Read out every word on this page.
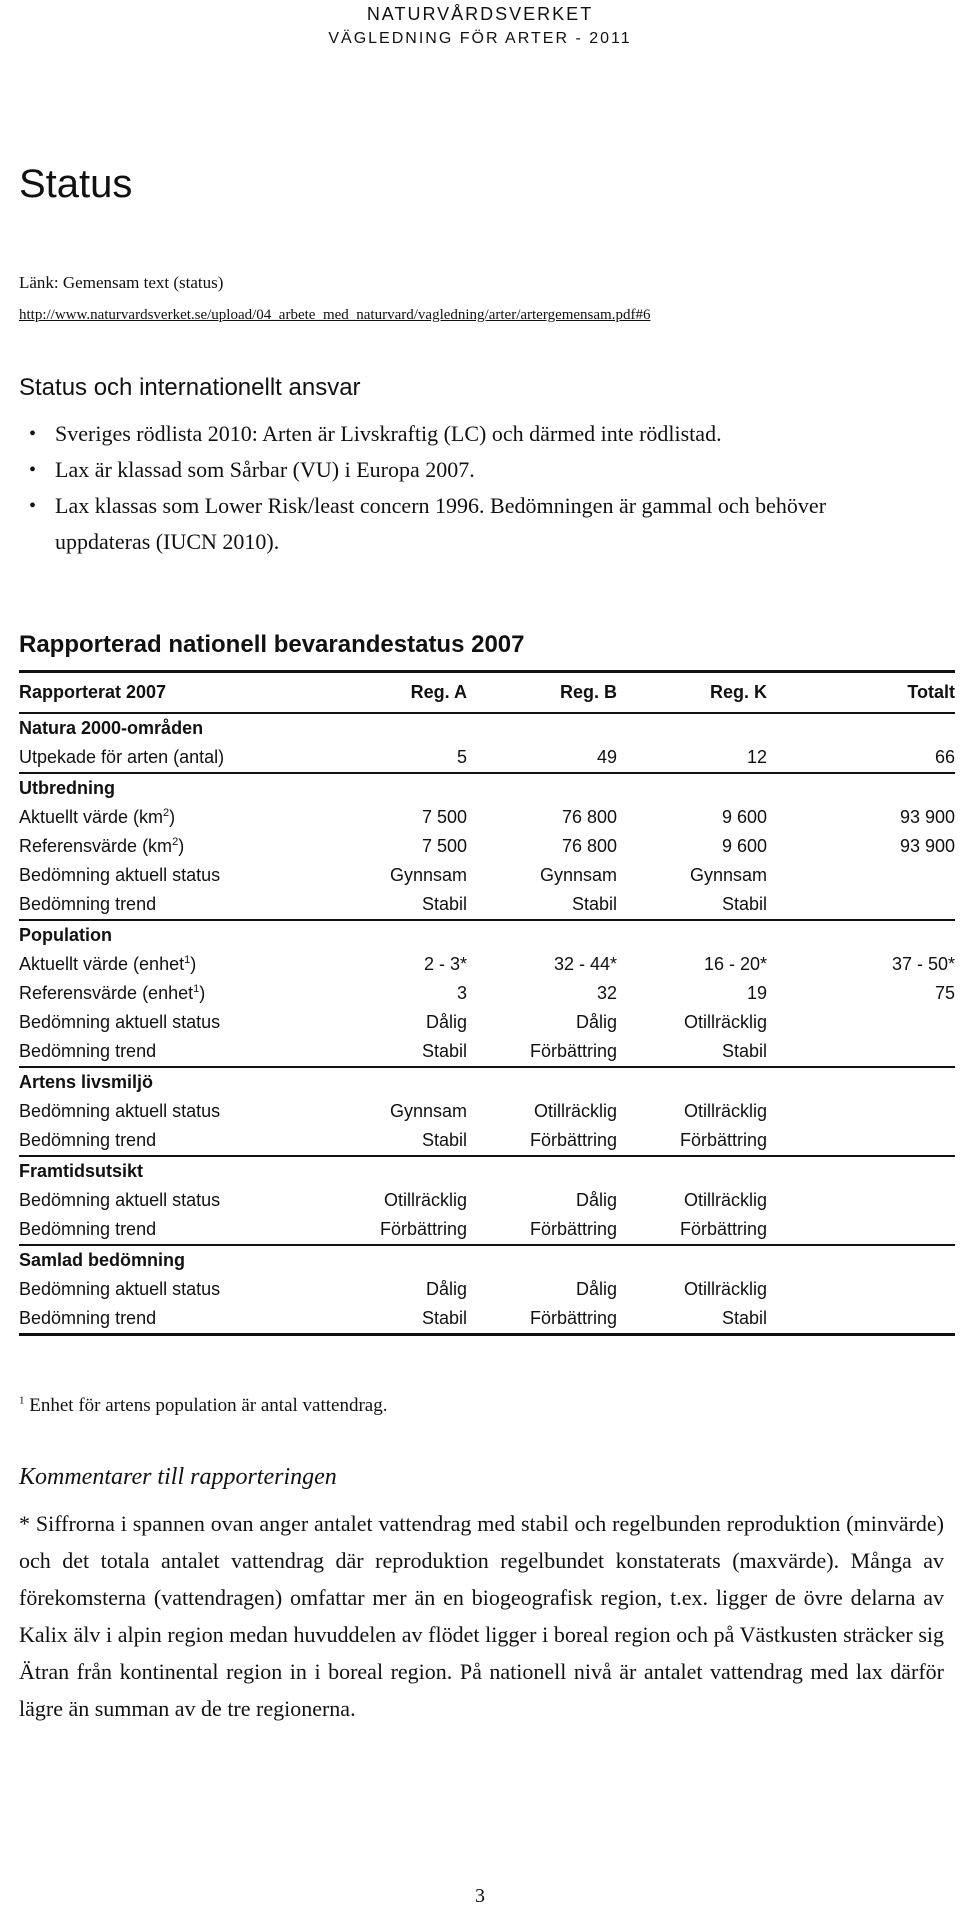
NATURVÅRDSVERKET
VÄGLEDNING FÖR ARTER - 2011
Status
Länk: Gemensam text (status)
http://www.naturvardsverket.se/upload/04_arbete_med_naturvard/vagledning/arter/artergemensam.pdf#6
Status och internationellt ansvar
• Sveriges rödlista 2010: Arten är Livskraftig (LC) och därmed inte rödlistad.
• Lax är klassad som Sårbar (VU) i Europa 2007.
• Lax klassas som Lower Risk/least concern 1996. Bedömningen är gammal och behöver uppdateras (IUCN 2010).
Rapporterad nationell bevarandestatus 2007
Rapporterat 2007	Reg. A	Reg. B	Reg. K	Totalt
Natura 2000-områden				
Utpekade för arten (antal)	5	49	12	66
Utbredning				
Aktuellt värde $(km^2)$	7 500	76 800	9 600	93 900
Referensvärde $(km^2)$	7 500	76 800	9 600	93 900
Bedömning aktuell status	Gynnsam	Gynnsam	Gynnsam	
Bedömning trend	Stabil	Stabil	Stabil	
Population				
Aktuellt värde (enhet$^1$)	2 - 3*	32 - 44*	16 - 20*	37 - 50*
Referensvärde (enhet$^1$)	3	32	19	75
Bedömning aktuell status	Dålig	Dålig	Otillräcklig	
Bedömning trend	Stabil	Förbättring	Stabil	
Artens livsmiljö				
Bedömning aktuell status	Gynnsam	Otillräcklig	Otillräcklig	
Bedömning trend	Stabil	Förbättring	Förbättring	
Framtidsutsikt				
Bedömning aktuell status	Otillräcklig	Dålig	Otillräcklig	
Bedömning trend	Förbättring	Förbättring	Förbättring	
Samlad bedömning				
Bedömning aktuell status	Dålig	Dålig	Otillräcklig	
Bedömning trend	Stabil	Förbättring	Stabil	
$^1$ Enhet för artens population är antal vattendrag.
Kommentarer till rapporteringen
* Siffrorna i spannen ovan anger antalet vattendrag med stabil och regelbunden reproduktion (minvärde) och det totala antalet vattendrag där reproduktion regelbundet konstaterats (maxvärde). Många av förekomsterna (vattendragen) omfattar mer än en biogeografisk region, t.ex. ligger de övre delarna av Kalix älv i alpin region medan huvuddelen av flödet ligger i boreal region och på Västkusten sträcker sig Ätran från kontinental region in i boreal region. På nationell nivå är antalet vattendrag med lax därför lägre än summan av de tre regionerna.
3
